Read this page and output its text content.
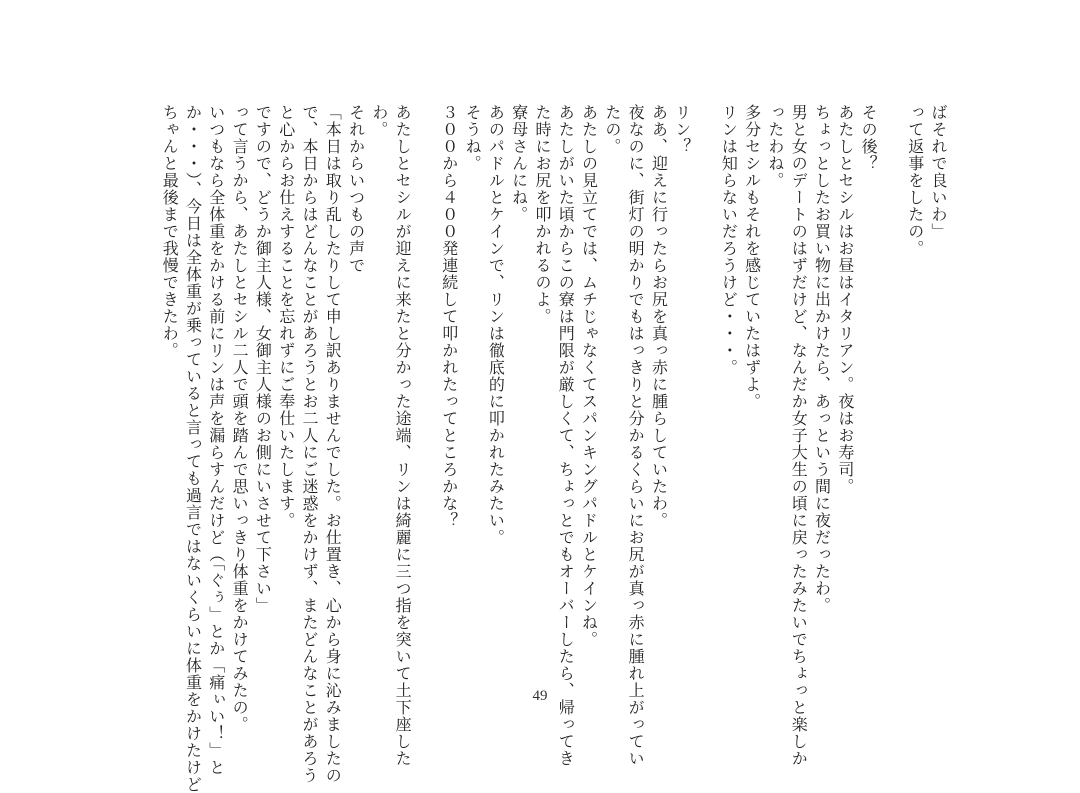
ばそれで良いわ」
って返事をしたの。

その後？
あたしとセシルはお昼はイタリアン。夜はお寿司。
ちょっとしたお買い物に出かけたら、あっという間に夜だったわ。
男と女のデートのはずだけど、なんだか女子大生の頃に戻ったみたいでちょっと楽しか
ったわね。
多分セシルもそれを感じていたはずよ。
リンは知らないだろうけど・・・。

リン？
ああ、迎えに行ったらお尻を真っ赤に腫らしていたわ。
夜なのに、街灯の明かりでもはっきりと分かるくらいにお尻が真っ赤に腫れ上がってい
たの。
あたしの見立てでは、ムチじゃなくてスパンキングパドルとケインね。
あたしがいた頃からこの寮は門限が厳しくて、ちょっとでもオーバーしたら、帰ってき
た時にお尻を叩かれるのよ。
寮母さんにね。
あのパドルとケインで、リンは徹底的に叩かれたみたい。
そうね。
３００から４００発連続して叩かれたってところかな？

あたしとセシルが迎えに来たと分かった途端、リンは綺麗に三つ指を突いて土下座した
わ。
それからいつもの声で
「本日は取り乱したりして申し訳ありませんでした。お仕置き、心から身に沁みましたの
で、本日からはどんなことがあろうとお二人にご迷惑をかけず、またどんなことがあろう
と心からお仕えすることを忘れずにご奉仕いたします。
ですので、どうか御主人様、女御主人様のお側にいさせて下さい」
って言うから、あたしとセシル二人で頭を踏んで思いっきり体重をかけてみたの。
いつもなら全体重をかける前にリンは声を漏らすんだけど（「ぐぅ」とか「痛ぃい！」と
か・・・）、今日は全体重が乗っていると言っても過言ではないくらいに体重をかけたけど
ちゃんと最後まで我慢できたわ。
49
